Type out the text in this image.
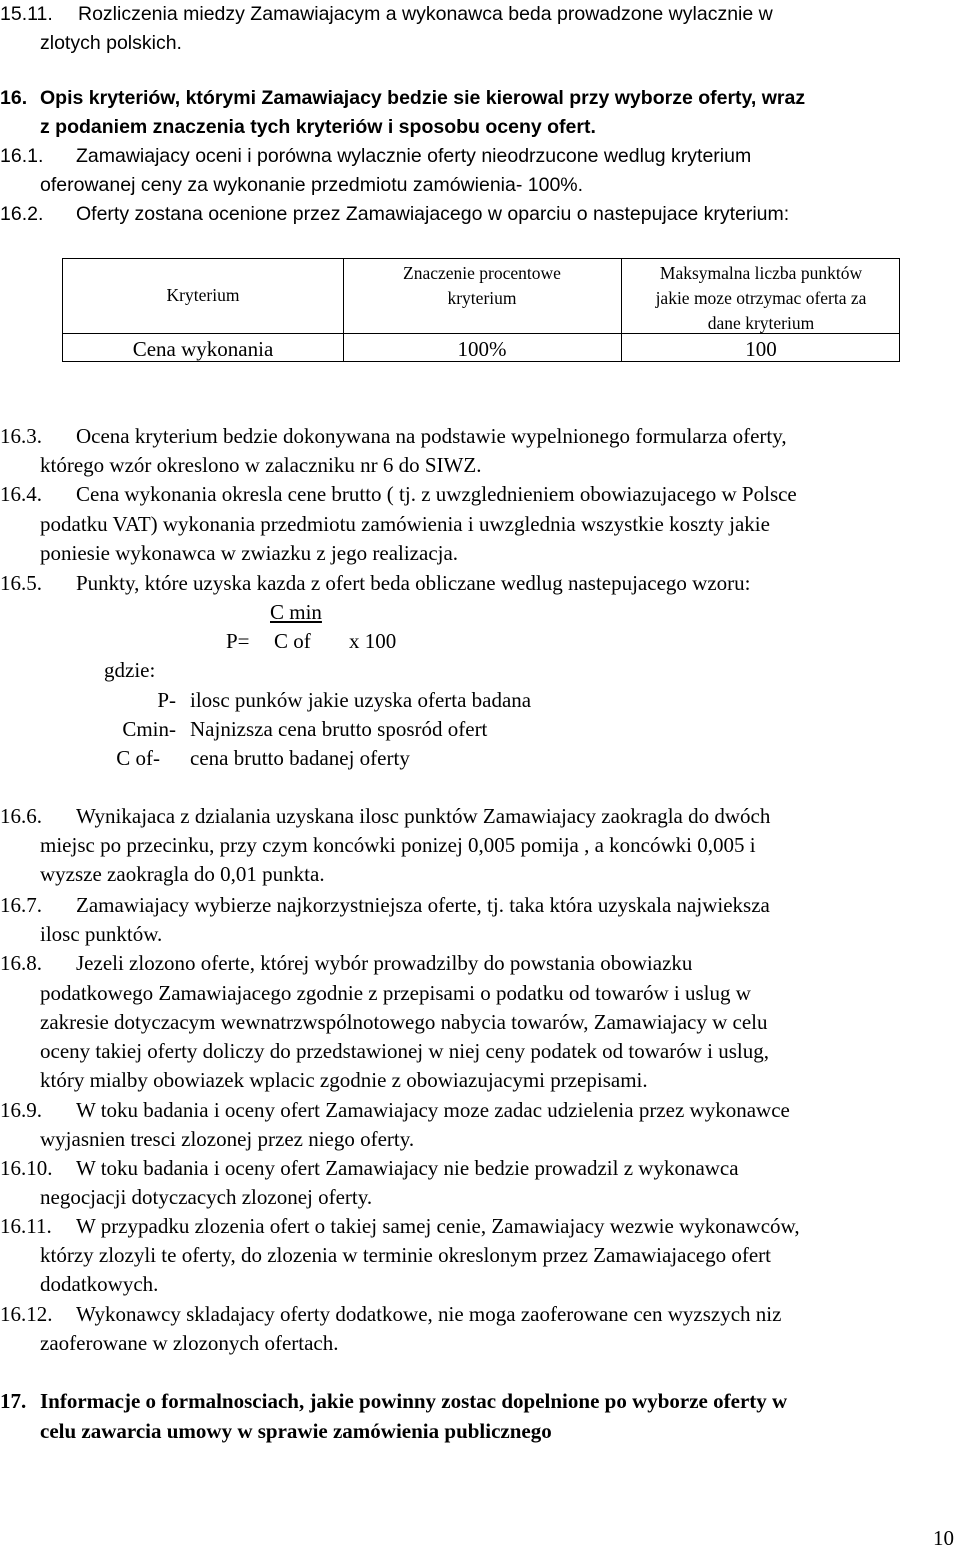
15.11. Rozliczenia miedzy Zamawiajacym a wykonawca beda prowadzone wylacznie w
zlotych polskich.
16. Opis kryteriów, którymi Zamawiajacy bedzie sie kierowal przy wyborze oferty, wraz
z podaniem znaczenia tych kryteriów i sposobu oceny ofert.
16.1. Zamawiajacy oceni i porówna wylacznie oferty nieodrzucone wedlug kryterium
oferowanej ceny za wykonanie przedmiotu zamówienia- 100%.
16.2. Oferty zostana ocenione przez Zamawiajacego w oparciu o nastepujace kryterium:
Kryterium
Znaczenie procentowe
kryterium
Maksymalna liczba punktów
jakie moze otrzymac oferta za
dane kryterium
Cena wykonania	100%	100
16.3. Ocena kryterium bedzie dokonywana na podstawie wypelnionego formularza oferty,
którego wzór okreslono w zalaczniku nr 6 do SIWZ.
16.4. Cena wykonania okresla cene brutto ( tj. z uwzglednieniem obowiazujacego w Polsce
podatku VAT) wykonania przedmiotu zamówienia i uwzglednia wszystkie koszty jakie
poniesie wykonawca w zwiazku z jego realizacja.
16.5. Punkty, które uzyska kazda z ofert beda obliczane wedlug nastepujacego wzoru:
C min
P= C of x 100
gdzie:
P- ilosc punków jakie uzyska oferta badana
Cmin- Najnizsza cena brutto sposród ofert
C of- cena brutto badanej oferty
16.6. Wynikajaca z dzialania uzyskana ilosc punktów Zamawiajacy zaokragla do dwóch
miejsc po przecinku, przy czym koncówki ponizej 0,005 pomija , a koncówki 0,005 i
wyzsze zaokragla do 0,01 punkta.
16.7. Zamawiajacy wybierze najkorzystniejsza oferte, tj. taka która uzyskala najwieksza
ilosc punktów.
16.8. Jezeli zlozono oferte, której wybór prowadzilby do powstania obowiazku
podatkowego Zamawiajacego zgodnie z przepisami o podatku od towarów i uslug w
zakresie dotyczacym wewnatrzwspólnotowego nabycia towarów, Zamawiajacy w celu
oceny takiej oferty doliczy do przedstawionej w niej ceny podatek od towarów i uslug,
który mialby obowiazek wplacic zgodnie z obowiazujacymi przepisami.
16.9. W toku badania i oceny ofert Zamawiajacy moze zadac udzielenia przez wykonawce
wyjasnien tresci zlozonej przez niego oferty.
16.10. W toku badania i oceny ofert Zamawiajacy nie bedzie prowadzil z wykonawca
negocjacji dotyczacych zlozonej oferty.
16.11. W przypadku zlozenia ofert o takiej samej cenie, Zamawiajacy wezwie wykonawców,
którzy zlozyli te oferty, do zlozenia w terminie okreslonym przez Zamawiajacego ofert
dodatkowych.
16.12. Wykonawcy skladajacy oferty dodatkowe, nie moga zaoferowane cen wyzszych niz
zaoferowane w zlozonych ofertach.
17. Informacje o formalnosciach, jakie powinny zostac dopelnione po wyborze oferty w
celu zawarcia umowy w sprawie zamówienia publicznego
10
